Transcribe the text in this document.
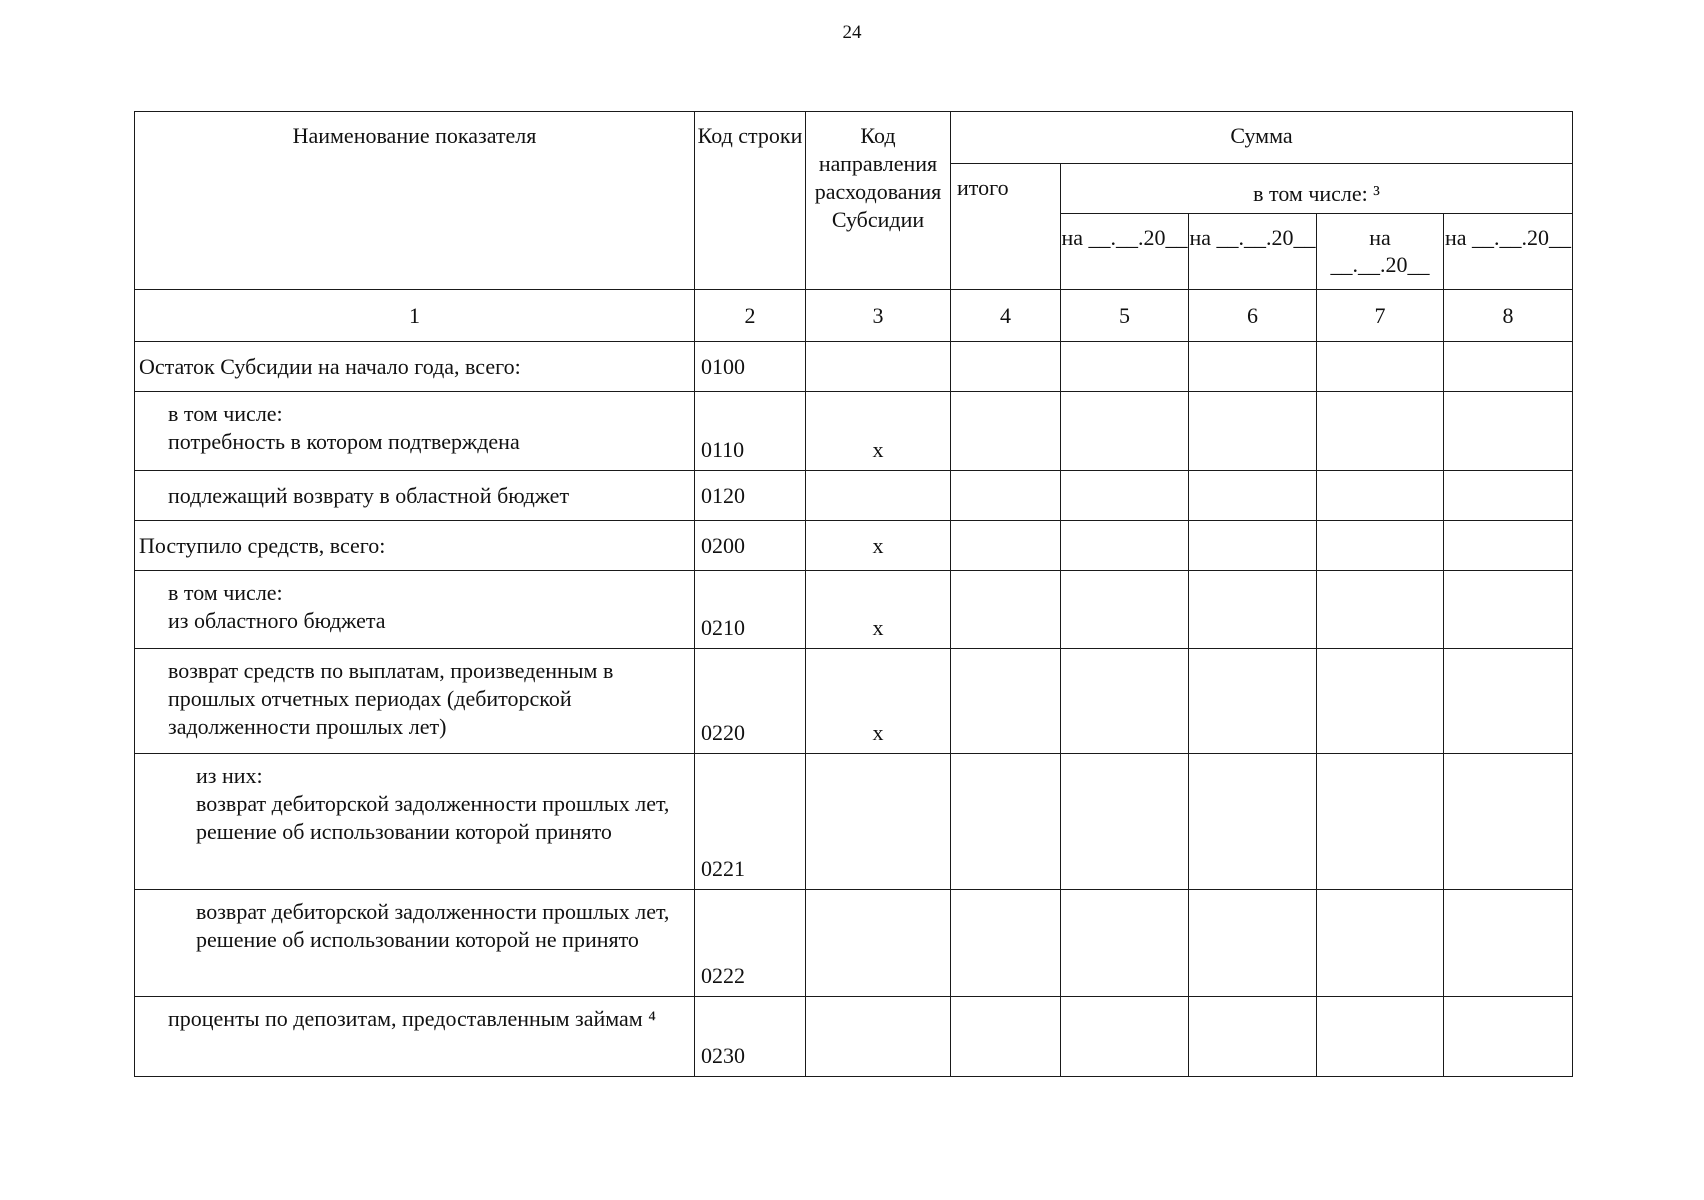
24
Наименование показателя	Код строки	Код направления расходования Субсидии	Сумма				
			итого	в том числе: ³			
				на __.__.20__	на __.__.20__	на __.__.20__	на __.__.20__
1	2	3	4	5	6	7	8
Остаток Субсидии на начало года, всего:	0100						
в том числе:
потребность в котором подтверждена	0110	x					
подлежащий возврату в областной бюджет	0120						
Поступило средств, всего:	0200	x					
в том числе:
из областного бюджета	0210	x					
возврат средств по выплатам, произведенным в прошлых отчетных периодах (дебиторской задолженности прошлых лет)	0220	x					
из них:
возврат дебиторской задолженности прошлых лет, решение об использовании которой принято	0221						
возврат дебиторской задолженности прошлых лет, решение об использовании которой не принято	0222						
проценты по депозитам, предоставленным займам ⁴	0230						
